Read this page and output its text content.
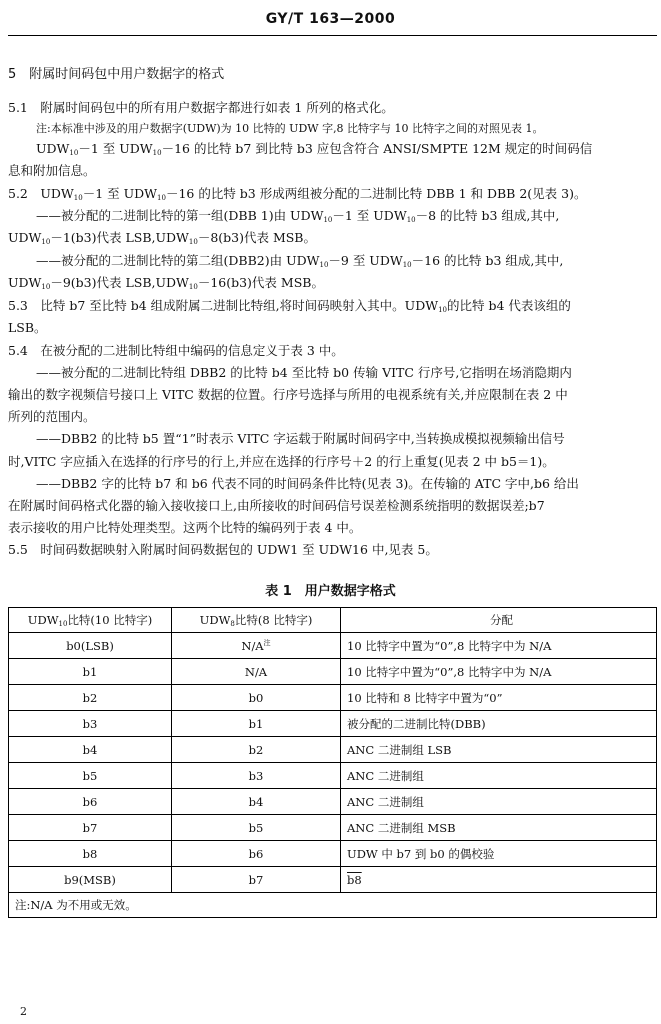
GY/T 163—2000
5　附属时间码包中用户数据字的格式
5.1　附属时间码包中的所有用户数据字都进行如表 1 所列的格式化。
注:本标准中涉及的用户数据字(UDW)为 10 比特的 UDW 字,8 比特字与 10 比特字之间的对照见表 1。
$UDW_{10}-1$ 至 $UDW_{10}-16$ 的比特 b7 到比特 b3 应包含符合 ANSI/SMPTE 12M 规定的时间码信
息和附加信息。
5.2　$UDW_{10}-1$ 至 $UDW_{10}-16$ 的比特 b3 形成两组被分配的二进制比特 DBB 1 和 DBB 2(见表 3)。
——被分配的二进制比特的第一组(DBB 1)由 $UDW_{10}-1$ 至 $UDW_{10}-8$ 的比特 b3 组成,其中,
$UDW_{10}-1(b3)$代表 $LSB,UDW_{10}-8(b3)$代表 MSB。
——被分配的二进制比特的第二组(DBB2)由 $UDW_{10}-9$ 至 $UDW_{10}-16$ 的比特 b3 组成,其中,
$UDW_{10}-9(b3)$代表 $LSB,UDW_{10}-16(b3)$代表 MSB。
5.3　比特 b7 至比特 b4 组成附属二进制比特组,将时间码映射入其中。$UDW_{10}$的比特 b4 代表该组的
LSB。
5.4　在被分配的二进制比特组中编码的信息定义于表 3 中。
——被分配的二进制比特组 DBB2 的比特 b4 至比特 b0 传输 VITC 行序号,它指明在场消隐期内
输出的数字视频信号接口上 VITC 数据的位置。行序号选择与所用的电视系统有关,并应限制在表 2 中
所列的范围内。
——DBB2 的比特 b5 置“1”时表示 VITC 字运载于附属时间码字中,当转换成模拟视频输出信号
时,VITC 字应插入在选择的行序号的行上,并应在选择的行序号＋2 的行上重复(见表 2 中 b5＝1)。
——DBB2 字的比特 b7 和 b6 代表不同的时间码条件比特(见表 3)。在传输的 ATC 字中,b6 给出
在附属时间码格式化器的输入接收接口上,由所接收的时间码信号误差检测系统指明的数据误差;b7
表示接收的用户比特处理类型。这两个比特的编码列于表 4 中。
5.5　时间码数据映射入附属时间码数据包的 UDW1 至 UDW16 中,见表 5。
表 1　用户数据字格式
$UDW_{10}$比特(10 比特字)	$UDW_8$比特(8 比特字)	分配
b0(LSB)	$N/A^注$	10 比特字中置为“0”,8 比特字中为 N/A
b1	N/A	10 比特字中置为“0”,8 比特字中为 N/A
b2	b0	10 比特和 8 比特字中置为“0”
b3	b1	被分配的二进制比特(DBB)
b4	b2	ANC 二进制组 LSB
b5	b3	ANC 二进制组
b6	b4	ANC 二进制组
b7	b5	ANC 二进制组 MSB
b8	b6	UDW 中 b7 到 b0 的偶校验
b9(MSB)	b7	b8
注:N/A 为不用或无效。		
2
